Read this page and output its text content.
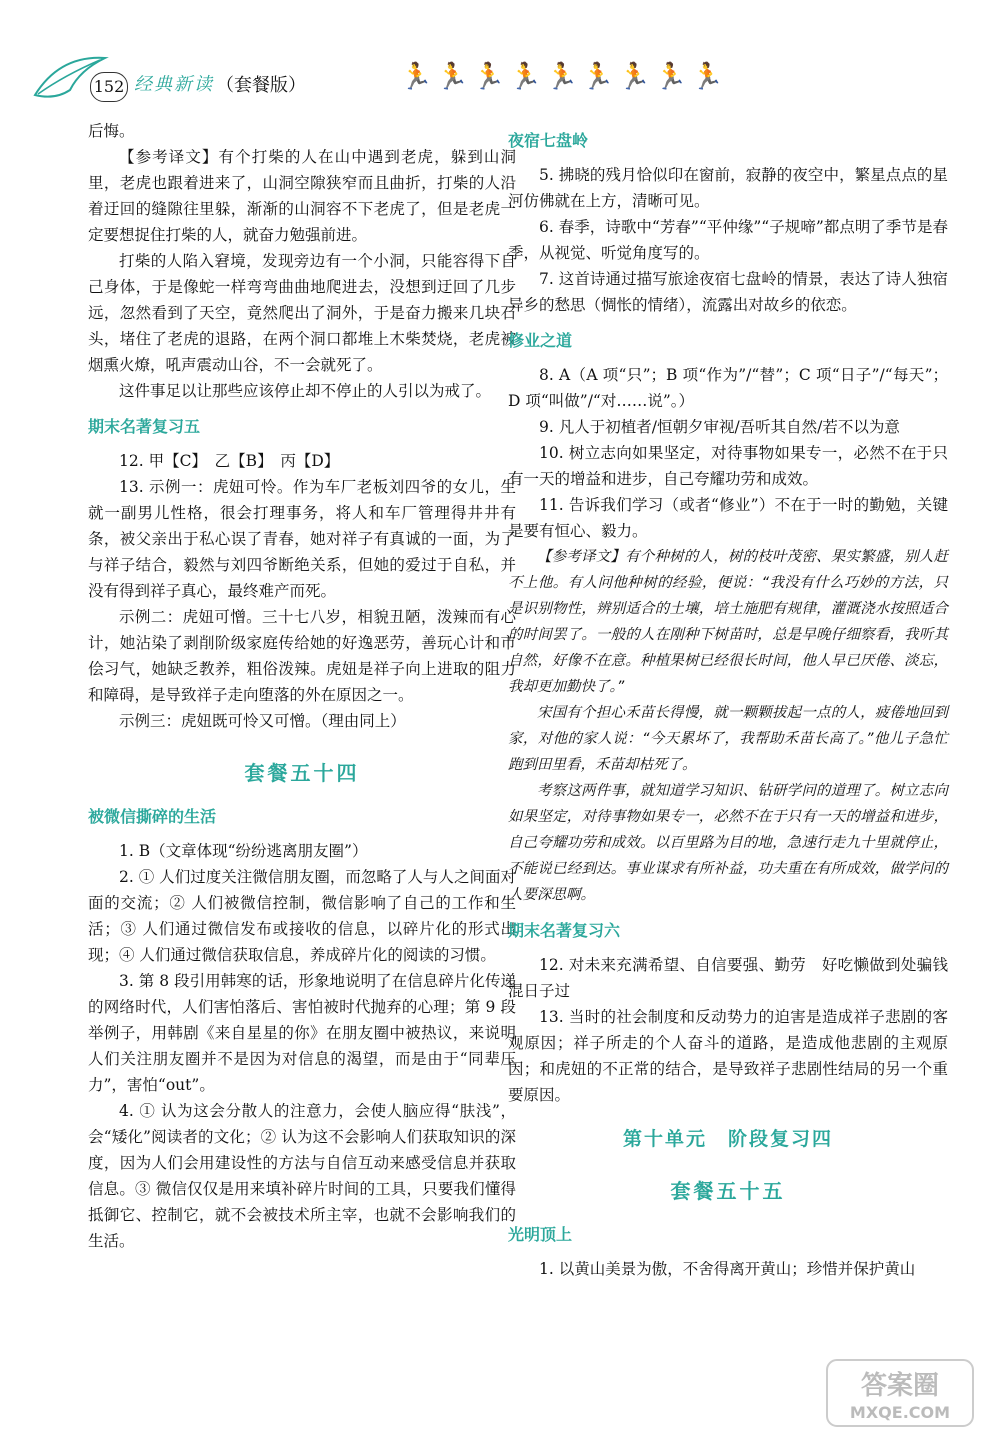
152 经典新读 （套餐版）	🏃 🏃 🏃 🏃 🏃 🏃 🏃 🏃 🏃

后悔。

【参考译文】有个打柴的人在山中遇到老虎，躲到山洞里，老虎也跟着进来了，山洞空隙狭窄而且曲折，打柴的人沿着迂回的缝隙往里躲，渐渐的山洞容不下老虎了，但是老虎一定要想捉住打柴的人，就奋力勉强前进。

打柴的人陷入窘境，发现旁边有一个小洞，只能容得下自己身体，于是像蛇一样弯弯曲曲地爬进去，没想到迂回了几步远，忽然看到了天空，竟然爬出了洞外，于是奋力搬来几块石头，堵住了老虎的退路，在两个洞口都堆上木柴焚烧，老虎被烟熏火燎，吼声震动山谷，不一会就死了。

这件事足以让那些应该停止却不停止的人引以为戒了。

期末名著复习五

12. 甲【C】　乙【B】　丙【D】

13. 示例一：虎妞可怜。作为车厂老板刘四爷的女儿，生就一副男儿性格，很会打理事务，将人和车厂管理得井井有条，被父亲出于私心误了青春，她对祥子有真诚的一面，为了与祥子结合，毅然与刘四爷断绝关系，但她的爱过于自私，并没有得到祥子真心，最终难产而死。

示例二：虎妞可憎。三十七八岁，相貌丑陋，泼辣而有心计，她沾染了剥削阶级家庭传给她的好逸恶劳，善玩心计和市侩习气，她缺乏教养，粗俗泼辣。虎妞是祥子向上进取的阻力和障碍，是导致祥子走向堕落的外在原因之一。

示例三：虎妞既可怜又可憎。（理由同上）

套餐五十四
被微信撕碎的生活

1. B（文章体现“纷纷逃离朋友圈”）

2. ① 人们过度关注微信朋友圈，而忽略了人与人之间面对面的交流；② 人们被微信控制，微信影响了自己的工作和生活；③ 人们通过微信发布或接收的信息，以碎片化的形式出现；④ 人们通过微信获取信息，养成碎片化的阅读的习惯。

3. 第 8 段引用韩寒的话，形象地说明了在信息碎片化传递的网络时代，人们害怕落后、害怕被时代抛弃的心理；第 9 段举例子，用韩剧《来自星星的你》在朋友圈中被热议，来说明人们关注朋友圈并不是因为对信息的渴望，而是由于“同辈压力”，害怕“out”。

4. ① 认为这会分散人的注意力，会使人脑应得“肤浅”，会“矮化”阅读者的文化；② 认为这不会影响人们获取知识的深度，因为人们会用建设性的方法与自信互动来感受信息并获取信息。③ 微信仅仅是用来填补碎片时间的工具，只要我们懂得抵御它、控制它，就不会被技术所主宰，也就不会影响我们的生活。

夜宿七盘岭

5. 拂晓的残月恰似印在窗前，寂静的夜空中，繁星点点的星河仿佛就在上方，清晰可见。

6. 春季，诗歌中“芳春”“平仲缘”“子规啼”都点明了季节是春季，从视觉、听觉角度写的。

7. 这首诗通过描写旅途夜宿七盘岭的情景，表达了诗人独宿异乡的愁思（惆怅的情绪），流露出对故乡的依恋。

修业之道

8. A（A 项“只”；B 项“作为”/“替”；C 项“日子”/“每天”；D 项“叫做”/“对……说”。）

9. 凡人于初植者/恒朝夕审视/吾听其自然/若不以为意

10. 树立志向如果坚定，对待事物如果专一，必然不在于只有一天的增益和进步，自己夸耀功劳和成效。

11. 告诉我们学习（或者“修业”）不在于一时的勤勉，关键是要有恒心、毅力。

【参考译文】有个种树的人，树的枝叶茂密、果实繁盛，别人赶不上他。有人问他种树的经验，便说：“我没有什么巧妙的方法，只是识别物性，辨别适合的土壤，培土施肥有规律，灌溉浇水按照适合的时间罢了。一般的人在刚种下树苗时，总是早晚仔细察看，我听其自然，好像不在意。种植果树已经很长时间，他人早已厌倦、淡忘，我却更加勤快了。”

宋国有个担心禾苗长得慢，就一颗颗拔起一点的人，疲倦地回到家，对他的家人说：“今天累坏了，我帮助禾苗长高了。”他儿子急忙跑到田里看，禾苗却枯死了。

考察这两件事，就知道学习知识、钻研学问的道理了。树立志向如果坚定，对待事物如果专一，必然不在于只有一天的增益和进步，自己夸耀功劳和成效。以百里路为目的地，急速行走九十里就停止，不能说已经到达。事业谋求有所补益，功夫重在有所成效，做学问的人要深思啊。

期末名著复习六

12. 对未来充满希望、自信要强、勤劳　好吃懒做到处骗钱混日子过

13. 当时的社会制度和反动势力的迫害是造成祥子悲剧的客观原因；祥子所走的个人奋斗的道路，是造成他悲剧的主观原因；和虎妞的不正常的结合，是导致祥子悲剧性结局的另一个重要原因。

第十单元　阶段复习四
套餐五十五
光明顶上

1. 以黄山美景为傲，不舍得离开黄山；珍惜并保护黄山

答案圈
MXQE.COM
